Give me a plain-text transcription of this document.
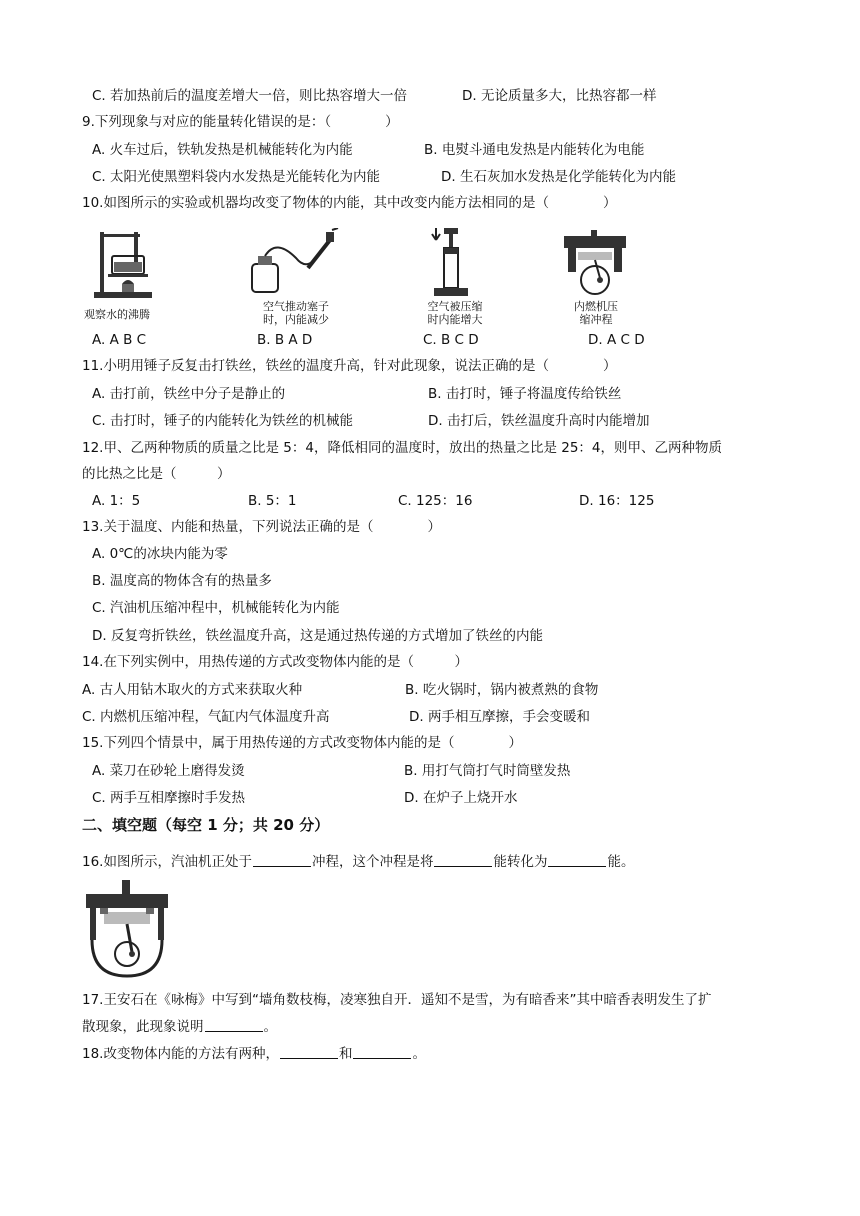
C. 若加热前后的温度差增大一倍，则比热容增大一倍	D. 无论质量多大，比热容都一样
9.下列现象与对应的能量转化错误的是：（　　　　）
A. 火车过后，铁轨发热是机械能转化为内能	B. 电熨斗通电发热是内能转化为电能
C. 太阳光使黑塑料袋内水发热是光能转化为内能	D. 生石灰加水发热是化学能转化为内能
10.如图所示的实验或机器均改变了物体的内能，其中改变内能方法相同的是（　　　　）
观察水的沸腾
空气推动塞子
时，内能减少
空气被压缩
时内能增大
内燃机压
缩冲程
A. A B C	B. B A D	C. B C D	D. A C D
11.小明用锤子反复击打铁丝，铁丝的温度升高，针对此现象，说法正确的是（　　　　）
A. 击打前，铁丝中分子是静止的	B. 击打时，锤子将温度传给铁丝
C. 击打时，锤子的内能转化为铁丝的机械能	D. 击打后，铁丝温度升高时内能增加
12.甲、乙两种物质的质量之比是 5：4，降低相同的温度时，放出的热量之比是 25：4，则甲、乙两种物质
的比热之比是（　　　）
A. 1：5	B. 5：1	C. 125：16	D. 16：125
13.关于温度、内能和热量，下列说法正确的是（　　　　）
A. 0℃的冰块内能为零
B. 温度高的物体含有的热量多
C. 汽油机压缩冲程中，机械能转化为内能
D. 反复弯折铁丝，铁丝温度升高，这是通过热传递的方式增加了铁丝的内能
14.在下列实例中，用热传递的方式改变物体内能的是（　　　）
A. 古人用钻木取火的方式来获取火种	B. 吃火锅时，锅内被煮熟的食物
C. 内燃机压缩冲程，气缸内气体温度升高	D. 两手相互摩擦，手会变暖和
15.下列四个情景中，属于用热传递的方式改变物体内能的是（　　　　）
A. 菜刀在砂轮上磨得发烫	B. 用打气筒打气时筒壁发热
C. 两手互相摩擦时手发热	D. 在炉子上烧开水
二、填空题（每空 1 分；共 20 分）
16.如图所示，汽油机正处于	冲程，这个冲程是将	能转化为	能。
17.王安石在《咏梅》中写到“墙角数枝梅，凌寒独自开．遥知不是雪，为有暗香来”其中暗香表明发生了扩
散现象，此现象说明	。
18.改变物体内能的方法有两种，	和	。
